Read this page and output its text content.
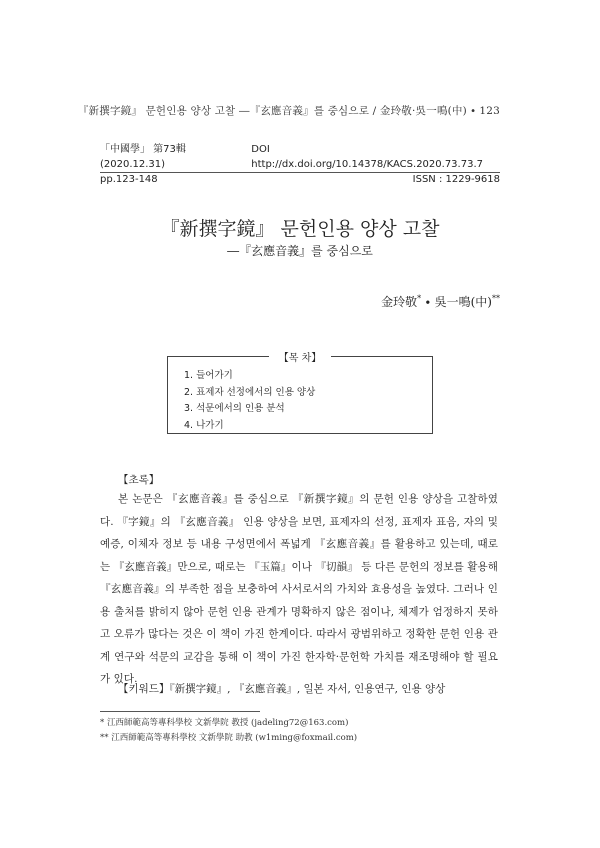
『新撰字鏡』 문헌인용 양상 고찰 ―『玄應音義』를 중심으로 / 金玲敬·吳一鳴(中) ∙ 123
「中國學」 第73輯 (2020.12.31)
DOI http://dx.doi.org/10.14378/KACS.2020.73.73.7
pp.123-148	ISSN : 1229-9618
『新撰字鏡』 문헌인용 양상 고찰
―『玄應音義』를 중심으로
金玲敬* ∙ 吳一鳴(中)**
【목 차】
1. 들어가기
2. 표제자 선정에서의 인용 양상
3. 석문에서의 인용 분석
4. 나가기
【초록】

본 논문은 『玄應音義』를 중심으로 『新撰字鏡』의 문헌 인용 양상을 고찰하였다. 『字鏡』의 『玄應音義』 인용 양상을 보면, 표제자의 선정, 표제자 표음, 자의 및 예증, 이체자 정보 등 내용 구성면에서 폭넓게 『玄應音義』를 활용하고 있는데, 때로는 『玄應音義』만으로, 때로는 『玉篇』이나 『切韻』 등 다른 문헌의 정보를 활용해 『玄應音義』의 부족한 점을 보충하여 사서로서의 가치와 효용성을 높였다. 그러나 인용 출처를 밝히지 않아 문헌 인용 관계가 명확하지 않은 점이나, 체제가 엄정하지 못하고 오류가 많다는 것은 이 책이 가진 한계이다. 따라서 광범위하고 정확한 문헌 인용 관계 연구와 석문의 교감을 통해 이 책이 가진 한자학·문헌학 가치를 재조명해야 할 필요가 있다.

【키워드】『新撰字鏡』, 『玄應音義』, 일본 자서, 인용연구, 인용 양상
* 江西師範高等專科學校 文新學院 教授 (jadeling72@163.com)
** 江西師範高等專科學校 文新學院 助教 (w1ming@foxmail.com)
